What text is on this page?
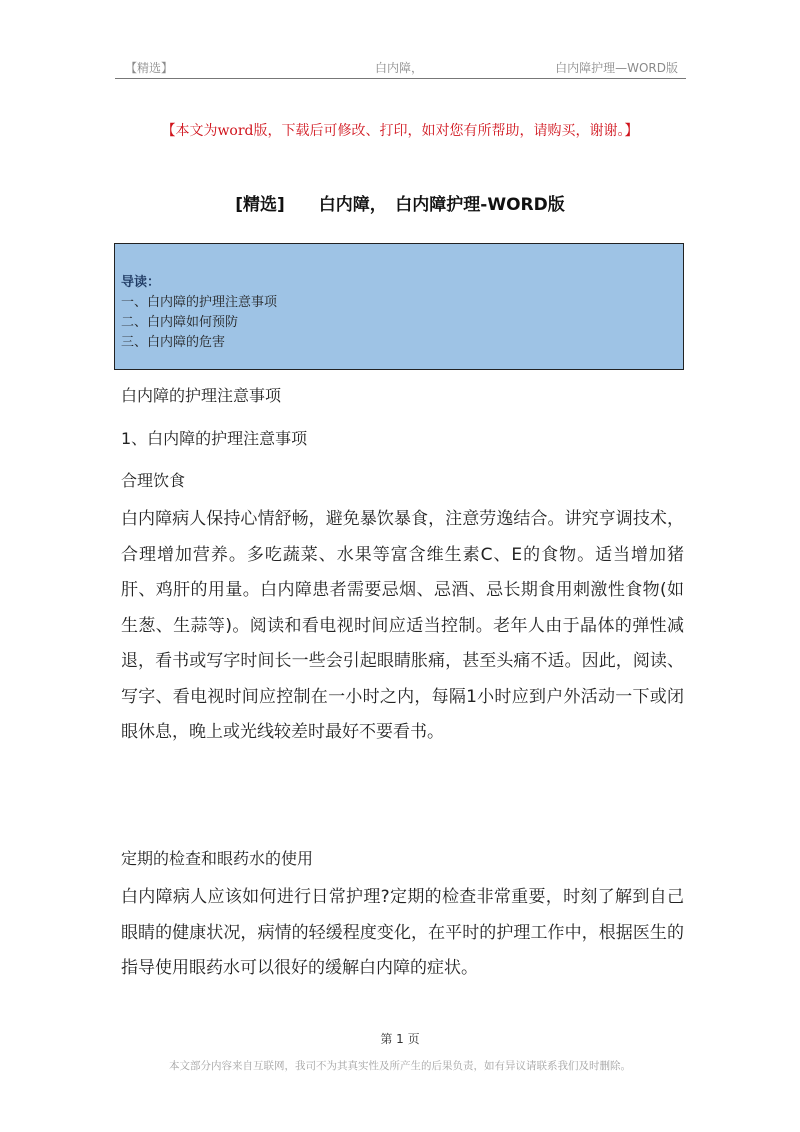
【精选】	白内障，	白内障护理—WORD版
【本文为word版，下载后可修改、打印，如对您有所帮助，请购买，谢谢。】
[精选]　　白内障，　白内障护理-WORD版
导读：
一、白内障的护理注意事项
二、白内障如何预防
三、白内障的危害
白内障的护理注意事项
1、白内障的护理注意事项
合理饮食
白内障病人保持心情舒畅，避免暴饮暴食，注意劳逸结合。讲究亨调技术，合理增加营养。多吃蔬菜、水果等富含维生素C、E的食物。适当增加猪肝、鸡肝的用量。白内障患者需要忌烟、忌酒、忌长期食用刺激性食物(如生葱、生蒜等)。阅读和看电视时间应适当控制。老年人由于晶体的弹性减退，看书或写字时间长一些会引起眼睛胀痛，甚至头痛不适。因此，阅读、写字、看电视时间应控制在一小时之内，每隔1小时应到户外活动一下或闭眼休息，晚上或光线较差时最好不要看书。
定期的检查和眼药水的使用
白内障病人应该如何进行日常护理?定期的检查非常重要，时刻了解到自己眼睛的健康状况，病情的轻缓程度变化，在平时的护理工作中，根据医生的指导使用眼药水可以很好的缓解白内障的症状。
第 1 页
本文部分内容来自互联网，我司不为其真实性及所产生的后果负责，如有异议请联系我们及时删除。
